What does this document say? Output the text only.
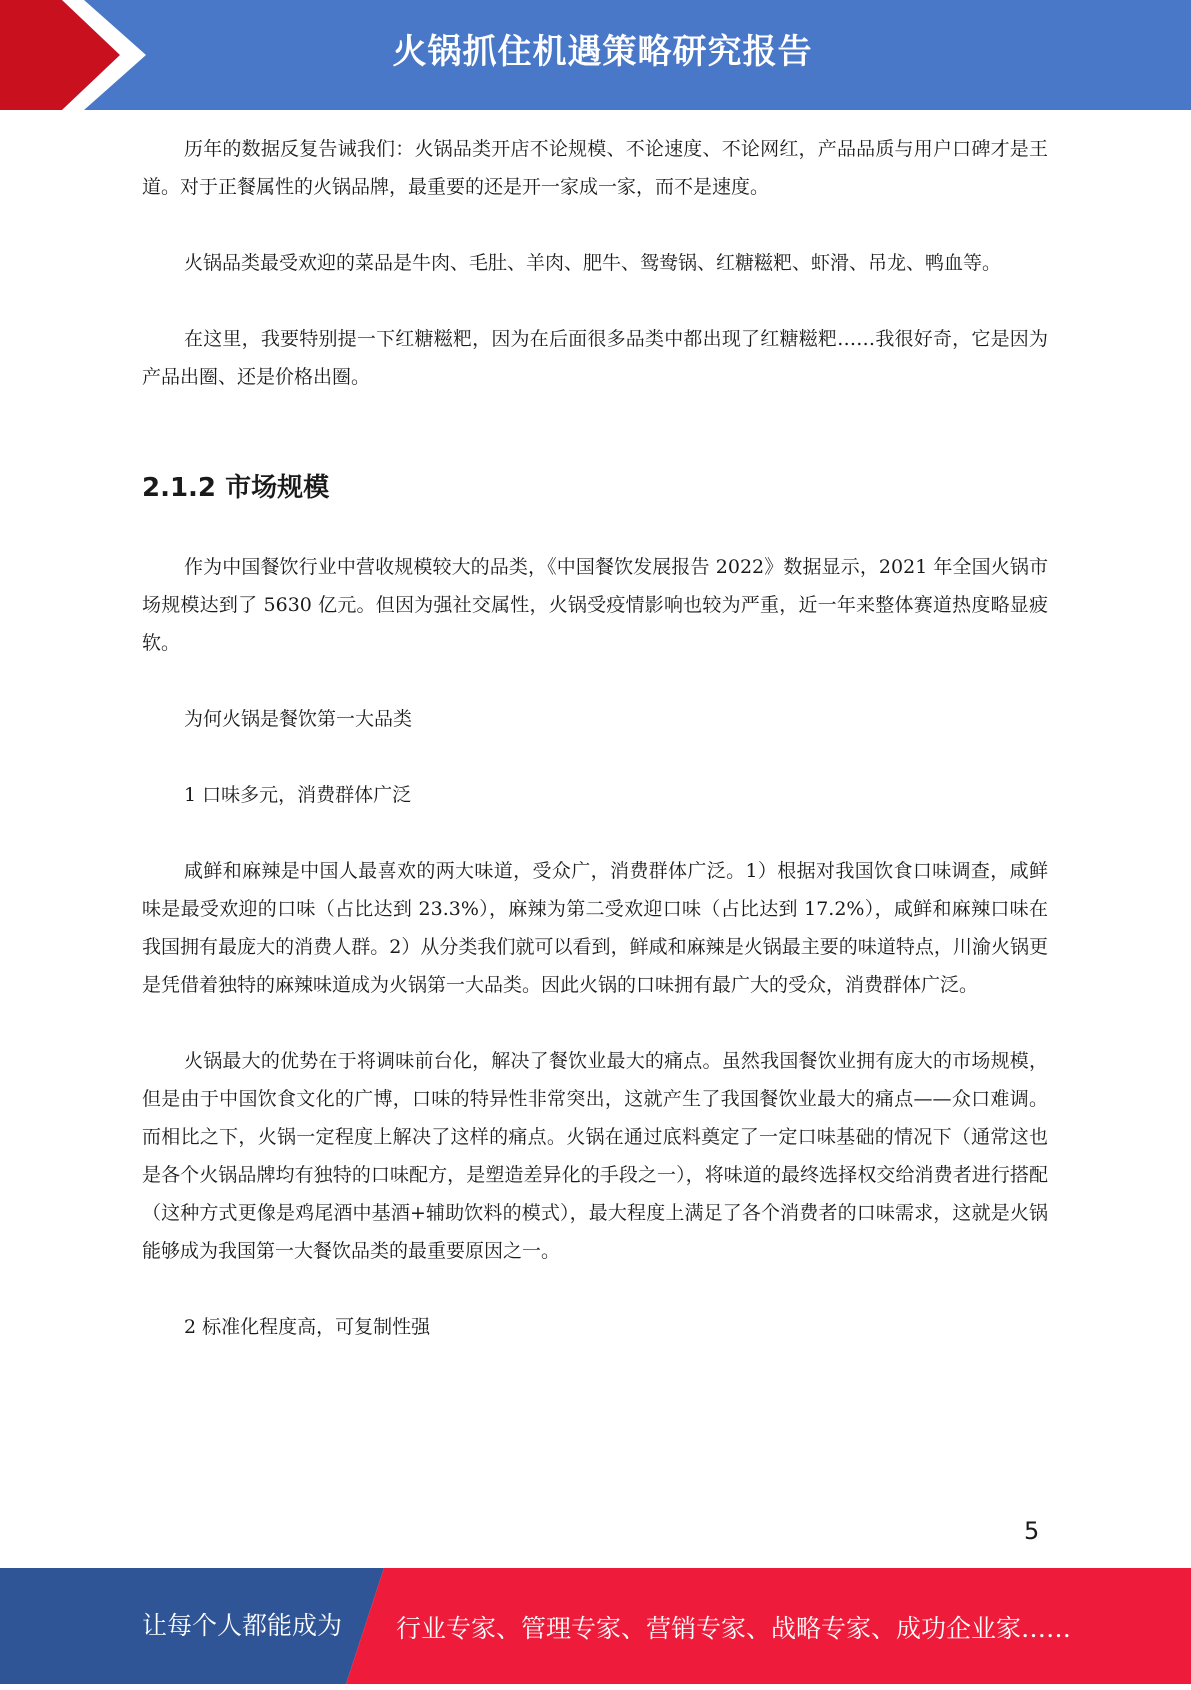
火锅抓住机遇策略研究报告

历年的数据反复告诫我们：火锅品类开店不论规模、不论速度、不论网红，产品品质与用户口碑才是王道。对于正餐属性的火锅品牌，最重要的还是开一家成一家，而不是速度。

火锅品类最受欢迎的菜品是牛肉、毛肚、羊肉、肥牛、鸳鸯锅、红糖糍粑、虾滑、吊龙、鸭血等。

在这里，我要特别提一下红糖糍粑，因为在后面很多品类中都出现了红糖糍粑……我很好奇，它是因为产品出圈、还是价格出圈。

2.1.2 市场规模

作为中国餐饮行业中营收规模较大的品类，《中国餐饮发展报告 2022》数据显示，2021 年全国火锅市场规模达到了 5630 亿元。但因为强社交属性，火锅受疫情影响也较为严重，近一年来整体赛道热度略显疲软。

为何火锅是餐饮第一大品类

1 口味多元，消费群体广泛

咸鲜和麻辣是中国人最喜欢的两大味道，受众广，消费群体广泛。1）根据对我国饮食口味调查，咸鲜味是最受欢迎的口味（占比达到 23.3%），麻辣为第二受欢迎口味（占比达到 17.2%），咸鲜和麻辣口味在我国拥有最庞大的消费人群。2）从分类我们就可以看到，鲜咸和麻辣是火锅最主要的味道特点，川渝火锅更是凭借着独特的麻辣味道成为火锅第一大品类。因此火锅的口味拥有最广大的受众，消费群体广泛。

火锅最大的优势在于将调味前台化，解决了餐饮业最大的痛点。虽然我国餐饮业拥有庞大的市场规模，但是由于中国饮食文化的广博，口味的特异性非常突出，这就产生了我国餐饮业最大的痛点——众口难调。而相比之下，火锅一定程度上解决了这样的痛点。火锅在通过底料奠定了一定口味基础的情况下（通常这也是各个火锅品牌均有独特的口味配方，是塑造差异化的手段之一），将味道的最终选择权交给消费者进行搭配（这种方式更像是鸡尾酒中基酒+辅助饮料的模式），最大程度上满足了各个消费者的口味需求，这就是火锅能够成为我国第一大餐饮品类的最重要原因之一。

2 标准化程度高，可复制性强

5
让每个人都能成为 行业专家、管理专家、营销专家、战略专家、成功企业家……
